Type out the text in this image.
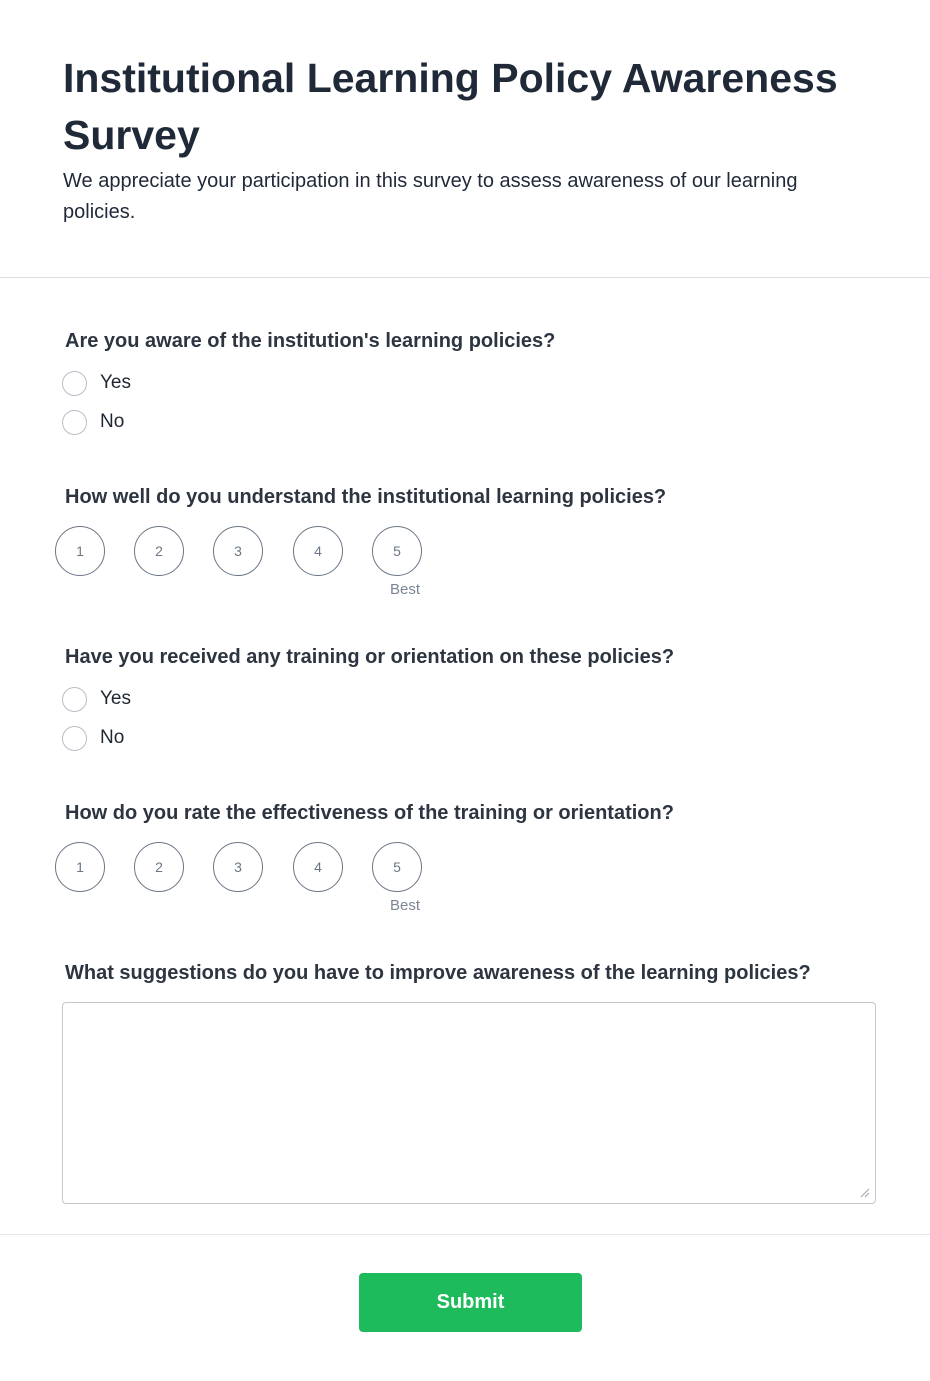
Institutional Learning Policy Awareness Survey

We appreciate your participation in this survey to assess awareness of our learning policies.

Are you aware of the institution's learning policies?
Yes
No
How well do you understand the institutional learning policies?
1	2	3	4	5
Best
Have you received any training or orientation on these policies?
Yes
No
How do you rate the effectiveness of the training or orientation?
1	2	3	4	5
Best
What suggestions do you have to improve awareness of the learning policies?
Submit
